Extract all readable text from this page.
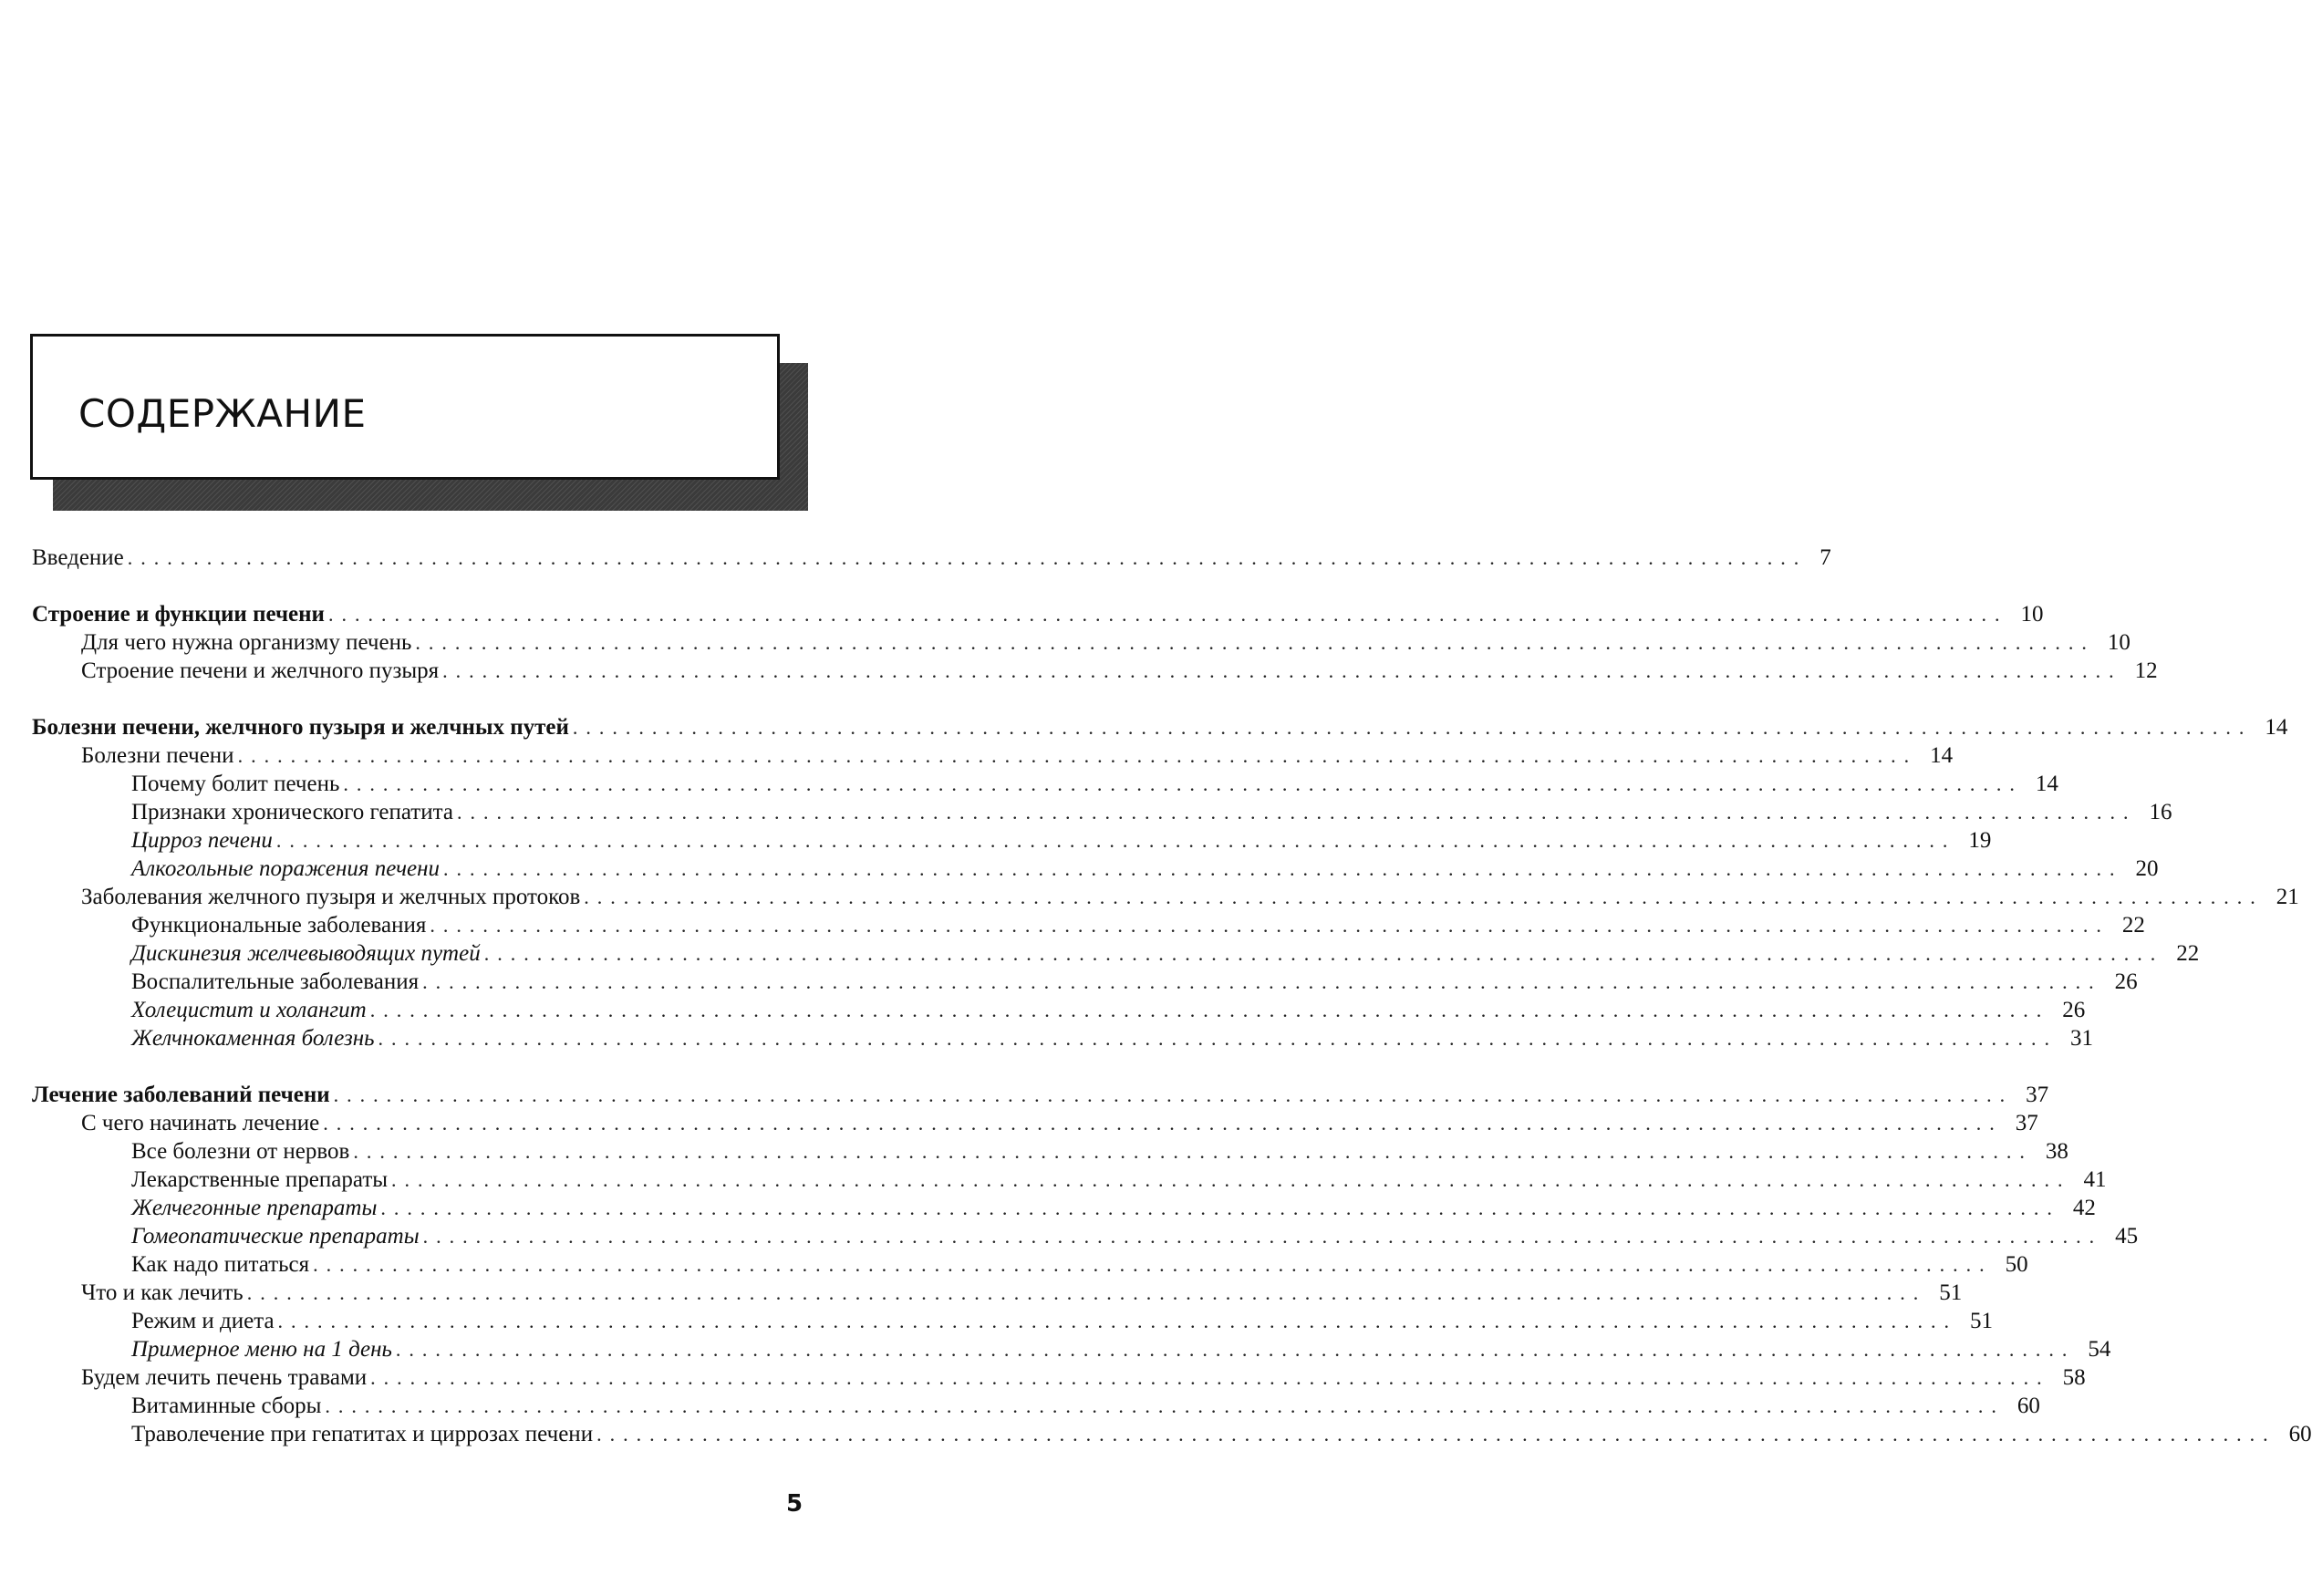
СОДЕРЖАНИЕ
Введение ............................................................................................................................... 7
Строение и функции печени ............................................................................................................................... 10
Для чего нужна организму печень ............................................................................................................................... 10
Строение печени и желчного пузыря ............................................................................................................................... 12
Болезни печени, желчного пузыря и желчных путей ............................................................................................................................... 14
Болезни печени ............................................................................................................................... 14
Почему болит печень ............................................................................................................................... 14
Признаки хронического гепатита ............................................................................................................................... 16
Цирроз печени ............................................................................................................................... 19
Алкогольные поражения печени ............................................................................................................................... 20
Заболевания желчного пузыря и желчных протоков ............................................................................................................................... 21
Функциональные заболевания ............................................................................................................................... 22
Дискинезия желчевыводящих путей ............................................................................................................................... 22
Воспалительные заболевания ............................................................................................................................... 26
Холецистит и холангит ............................................................................................................................... 26
Желчнокаменная болезнь ............................................................................................................................... 31
Лечение заболеваний печени ............................................................................................................................... 37
С чего начинать лечение ............................................................................................................................... 37
Все болезни от нервов ............................................................................................................................... 38
Лекарственные препараты ............................................................................................................................... 41
Желчегонные препараты ............................................................................................................................... 42
Гомеопатические препараты ............................................................................................................................... 45
Как надо питаться ............................................................................................................................... 50
Что и как лечить ............................................................................................................................... 51
Режим и диета ............................................................................................................................... 51
Примерное меню на 1 день ............................................................................................................................... 54
Будем лечить печень травами ............................................................................................................................... 58
Витаминные сборы ............................................................................................................................... 60
Траволечение при гепатитах и циррозах печени ............................................................................................................................... 60

5
